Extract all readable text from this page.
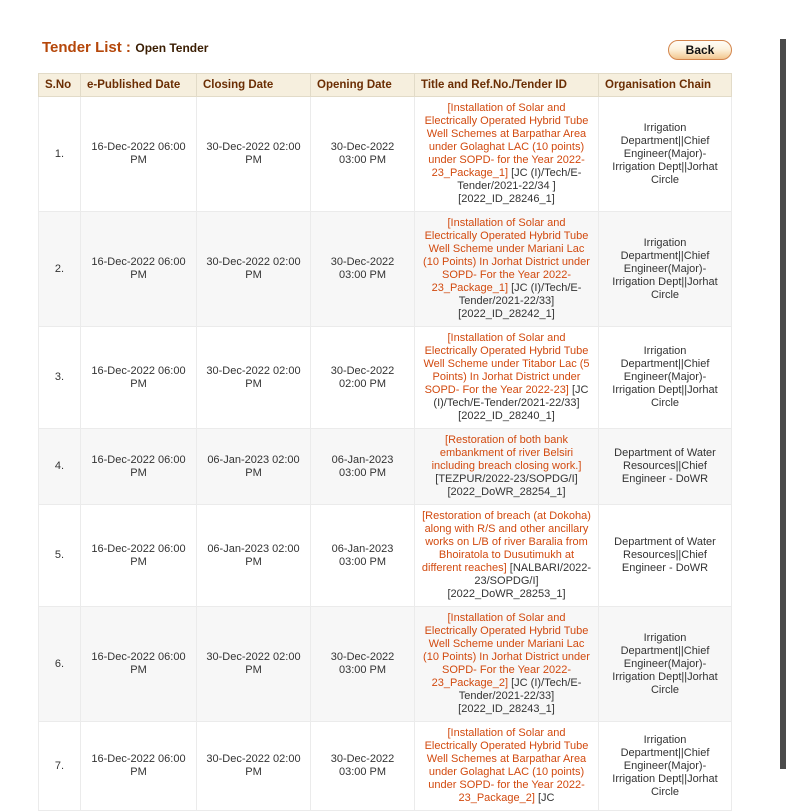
Back
Tender List : Open Tender
S.No	e-Published Date	Closing Date	Opening Date	Title and Ref.No./Tender ID	Organisation Chain
1.	16-Dec-2022 06:00 PM	30-Dec-2022 02:00 PM	30-Dec-2022 03:00 PM	[Installation of Solar and Electrically Operated Hybrid Tube Well Schemes at Barpathar Area under Golaghat LAC (10 points) under SOPD- for the Year 2022-23_Package_1] [JC (I)/Tech/E-Tender/2021-22/34 ] [2022_ID_28246_1]	Irrigation Department||Chief Engineer(Major)-Irrigation Dept||Jorhat Circle
2.	16-Dec-2022 06:00 PM	30-Dec-2022 02:00 PM	30-Dec-2022 03:00 PM	[Installation of Solar and Electrically Operated Hybrid Tube Well Scheme under Mariani Lac (10 Points) In Jorhat District under SOPD- For the Year 2022-23_Package_1] [JC (I)/Tech/E-Tender/2021-22/33] [2022_ID_28242_1]	Irrigation Department||Chief Engineer(Major)-Irrigation Dept||Jorhat Circle
3.	16-Dec-2022 06:00 PM	30-Dec-2022 02:00 PM	30-Dec-2022 02:00 PM	[Installation of Solar and Electrically Operated Hybrid Tube Well Scheme under Titabor Lac (5 Points) In Jorhat District under SOPD- For the Year 2022-23] [JC (I)/Tech/E-Tender/2021-22/33] [2022_ID_28240_1]	Irrigation Department||Chief Engineer(Major)-Irrigation Dept||Jorhat Circle
4.	16-Dec-2022 06:00 PM	06-Jan-2023 02:00 PM	06-Jan-2023 03:00 PM	[Restoration of both bank embankment of river Belsiri including breach closing work.] [TEZPUR/2022-23/SOPDG/I] [2022_DoWR_28254_1]	Department of Water Resources||Chief Engineer - DoWR
5.	16-Dec-2022 06:00 PM	06-Jan-2023 02:00 PM	06-Jan-2023 03:00 PM	[Restoration of breach (at Dokoha) along with R/S and other ancillary works on L/B of river Baralia from Bhoiratola to Dusutimukh at different reaches] [NALBARI/2022-23/SOPDG/I] [2022_DoWR_28253_1]	Department of Water Resources||Chief Engineer - DoWR
6.	16-Dec-2022 06:00 PM	30-Dec-2022 02:00 PM	30-Dec-2022 03:00 PM	[Installation of Solar and Electrically Operated Hybrid Tube Well Scheme under Mariani Lac (10 Points) In Jorhat District under SOPD- For the Year 2022-23_Package_2] [JC (I)/Tech/E-Tender/2021-22/33] [2022_ID_28243_1]	Irrigation Department||Chief Engineer(Major)-Irrigation Dept||Jorhat Circle
7.	16-Dec-2022 06:00 PM	30-Dec-2022 02:00 PM	30-Dec-2022 03:00 PM	[Installation of Solar and Electrically Operated Hybrid Tube Well Schemes at Barpathar Area under Golaghat LAC (10 points) under SOPD- for the Year 2022-23_Package_2] [JC	Irrigation Department||Chief Engineer(Major)-Irrigation Dept||Jorhat Circle
